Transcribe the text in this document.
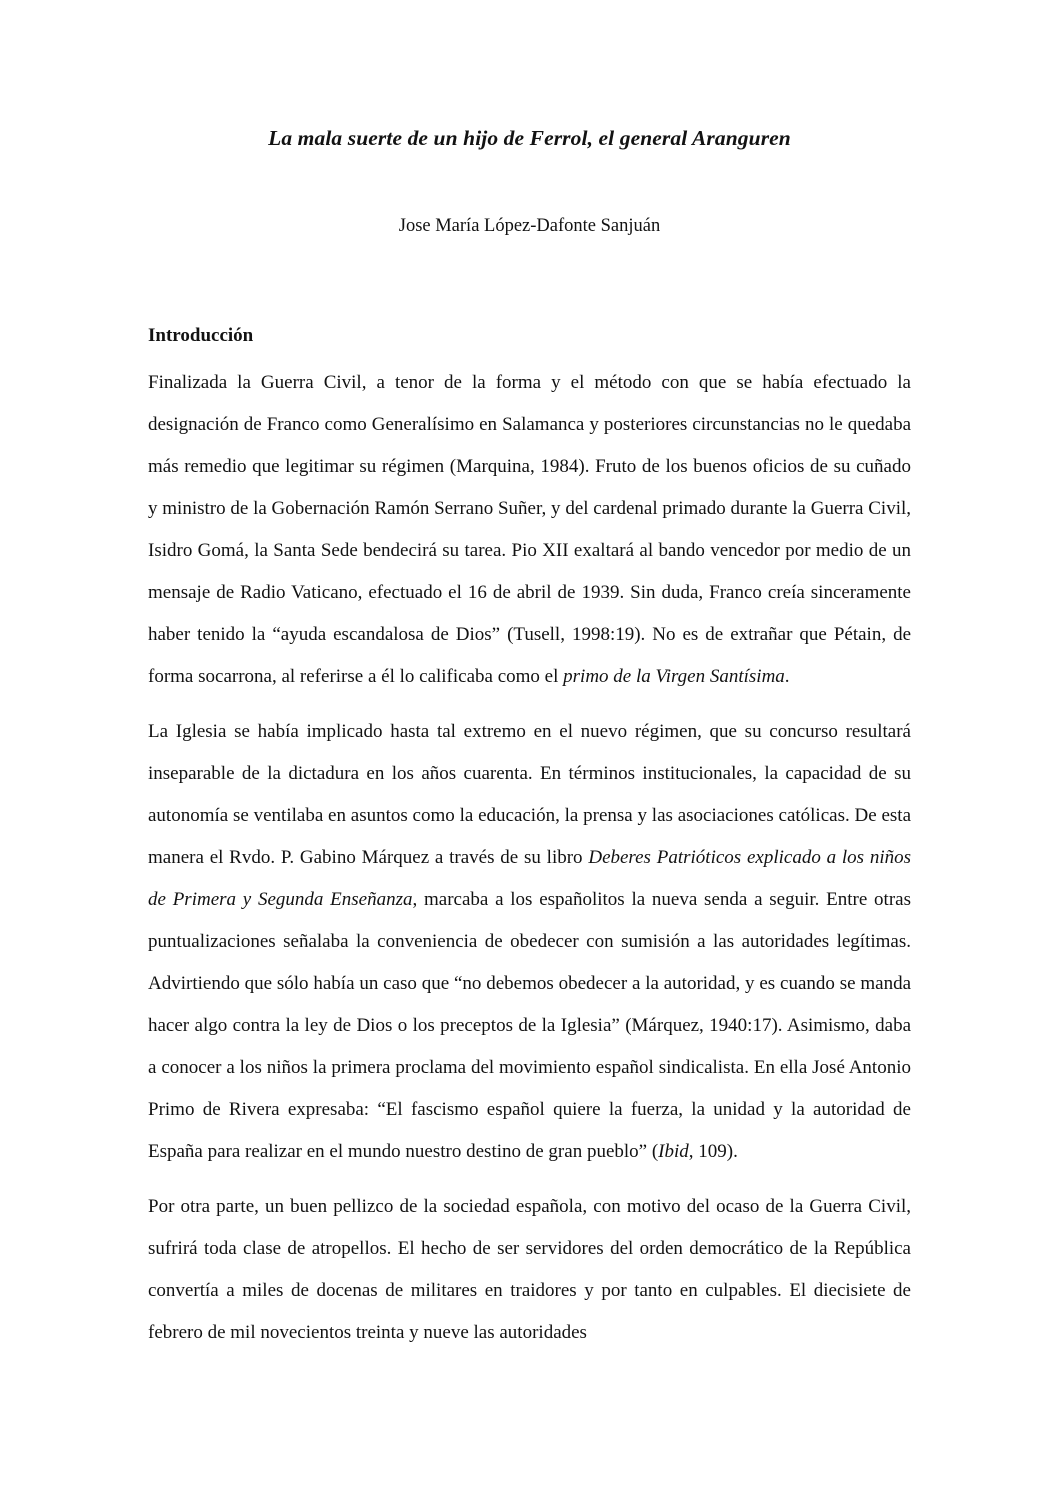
La mala suerte de un hijo de Ferrol, el general Aranguren
Jose María López-Dafonte Sanjuán
Introducción

Finalizada la Guerra Civil, a tenor de la forma y el método con que se había efectuado la designación de Franco como Generalísimo en Salamanca y posteriores circunstancias no le quedaba más remedio que legitimar su régimen (Marquina, 1984). Fruto de los buenos oficios de su cuñado y ministro de la Gobernación Ramón Serrano Suñer, y del cardenal primado durante la Guerra Civil, Isidro Gomá, la Santa Sede bendecirá su tarea. Pio XII exaltará al bando vencedor por medio de un mensaje de Radio Vaticano, efectuado el 16 de abril de 1939. Sin duda, Franco creía sinceramente haber tenido la “ayuda escandalosa de Dios” (Tusell, 1998:19). No es de extrañar que Pétain, de forma socarrona, al referirse a él lo calificaba como el primo de la Virgen Santísima.

La Iglesia se había implicado hasta tal extremo en el nuevo régimen, que su concurso resultará inseparable de la dictadura en los años cuarenta. En términos institucionales, la capacidad de su autonomía se ventilaba en asuntos como la educación, la prensa y las asociaciones católicas. De esta manera el Rvdo. P. Gabino Márquez a través de su libro Deberes Patrióticos explicado a los niños de Primera y Segunda Enseñanza, marcaba a los españolitos la nueva senda a seguir. Entre otras puntualizaciones señalaba la conveniencia de obedecer con sumisión a las autoridades legítimas. Advirtiendo que sólo había un caso que “no debemos obedecer a la autoridad, y es cuando se manda hacer algo contra la ley de Dios o los preceptos de la Iglesia” (Márquez, 1940:17). Asimismo, daba a conocer a los niños la primera proclama del movimiento español sindicalista. En ella José Antonio Primo de Rivera expresaba: “El fascismo español quiere la fuerza, la unidad y la autoridad de España para realizar en el mundo nuestro destino de gran pueblo” (Ibid, 109).

Por otra parte, un buen pellizco de la sociedad española, con motivo del ocaso de la Guerra Civil, sufrirá toda clase de atropellos. El hecho de ser servidores del orden democrático de la República convertía a miles de docenas de militares en traidores y por tanto en culpables. El diecisiete de febrero de mil novecientos treinta y nueve las autoridades
